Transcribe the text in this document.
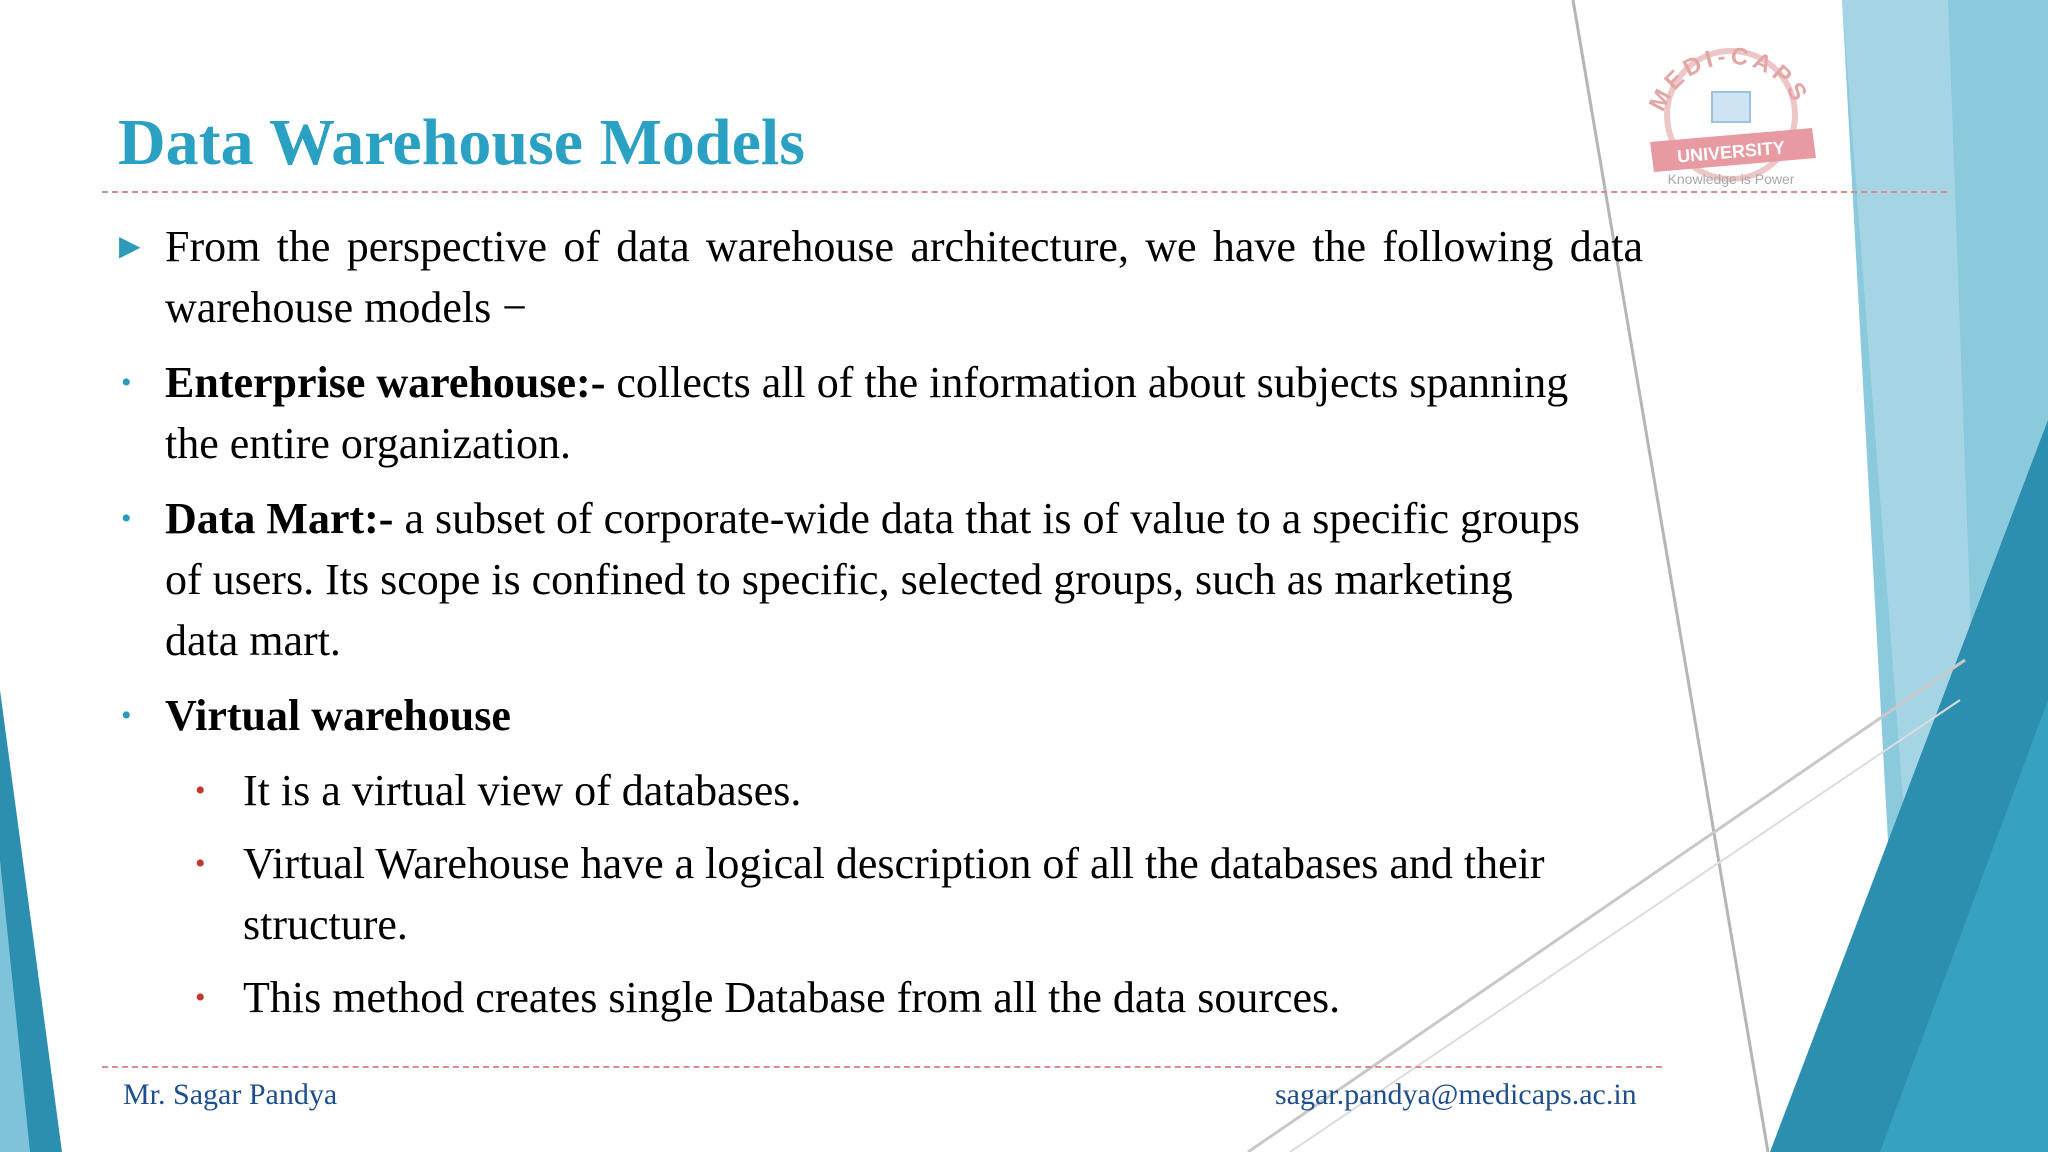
MEDI-CAPS
UNIVERSITY
Knowledge is Power
Data Warehouse Models
▶ From the perspective of data warehouse architecture, we have the following data warehouse models −
• Enterprise warehouse:- collects all of the information about subjects spanning the entire organization.
• Data Mart:- a subset of corporate-wide data that is of value to a specific groups of users. Its scope is confined to specific, selected groups, such as marketing data mart.
• Virtual warehouse
• It is a virtual view of databases.
• Virtual Warehouse have a logical description of all the databases and their structure.
• This method creates single Database from all the data sources.
Mr. Sagar Pandya	sagar.pandya@medicaps.ac.in
